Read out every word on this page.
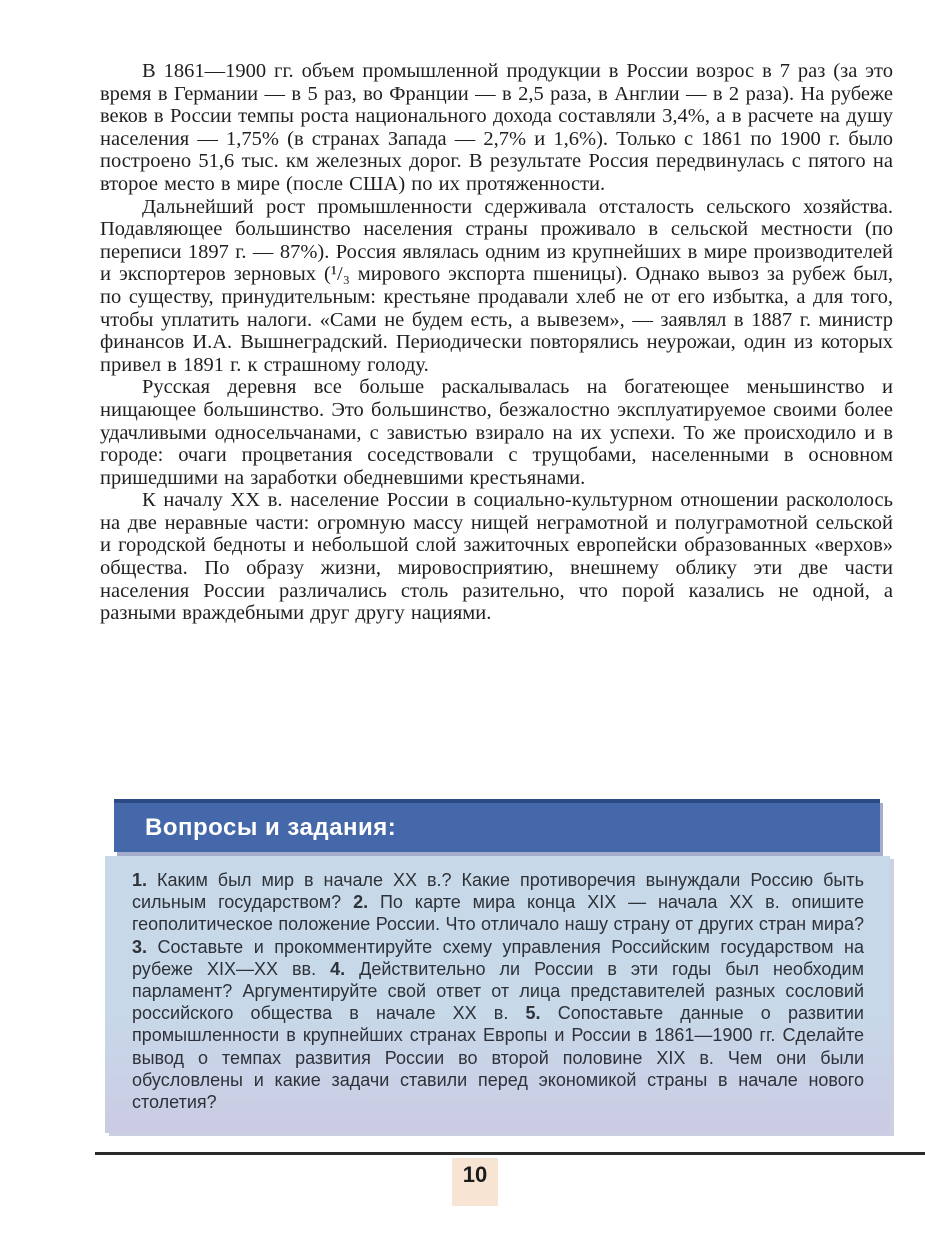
В 1861—1900 гг. объем промышленной продукции в России возрос в 7 раз (за это время в Германии — в 5 раз, во Франции — в 2,5 раза, в Англии — в 2 раза). На рубеже веков в России темпы роста национального дохода составляли 3,4%, а в расчете на душу населения — 1,75% (в странах Запада — 2,7% и 1,6%). Только с 1861 по 1900 г. было построено 51,6 тыс. км железных дорог. В результате Россия передвинулась с пятого на второе место в мире (после США) по их протяженности.

Дальнейший рост промышленности сдерживала отсталость сельского хозяйства. Подавляющее большинство населения страны проживало в сельской местности (по переписи 1897 г. — 87%). Россия являлась одним из крупнейших в мире производителей и экспортеров зерновых (¹/₃ мирового экспорта пшеницы). Однако вывоз за рубеж был, по существу, принудительным: крестьяне продавали хлеб не от его избытка, а для того, чтобы уплатить налоги. «Сами не будем есть, а вывезем», — заявлял в 1887 г. министр финансов И.А. Вышнеградский. Периодически повторялись неурожаи, один из которых привел в 1891 г. к страшному голоду.

Русская деревня все больше раскалывалась на богатеющее меньшинство и нищающее большинство. Это большинство, безжалостно эксплуатируемое своими более удачливыми односельчанами, с завистью взирало на их успехи. То же происходило и в городе: очаги процветания соседствовали с трущобами, населенными в основном пришедшими на заработки обедневшими крестьянами.

К началу XX в. население России в социально-культурном отношении раскололось на две неравные части: огромную массу нищей неграмотной и полуграмотной сельской и городской бедноты и небольшой слой зажиточных европейски образованных «верхов» общества. По образу жизни, мировосприятию, внешнему облику эти две части населения России различались столь разительно, что порой казались не одной, а разными враждебными друг другу нациями.

Вопросы и задания:
1. Каким был мир в начале XX в.? Какие противоречия вынуждали Россию быть сильным государством? 2. По карте мира конца XIX — начала XX в. опишите геополитическое положение России. Что отличало нашу страну от других стран мира? 3. Составьте и прокомментируйте схему управления Российским государством на рубеже XIX—XX вв. 4. Действительно ли России в эти годы был необходим парламент? Аргументируйте свой ответ от лица представителей разных сословий российского общества в начале XX в. 5. Сопоставьте данные о развитии промышленности в крупнейших странах Европы и России в 1861—1900 гг. Сделайте вывод о темпах развития России во второй половине XIX в. Чем они были обусловлены и какие задачи ставили перед экономикой страны в начале нового столетия?
10
